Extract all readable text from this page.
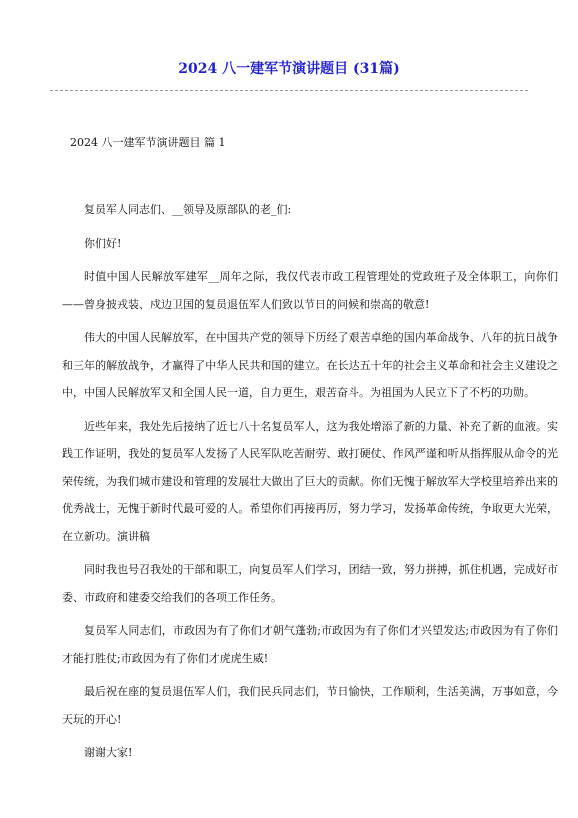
2024 八一建军节演讲题目 (31篇)
2024 八一建军节演讲题目 篇 1

复员军人同志们、__领导及原部队的老_们:

你们好!

时值中国人民解放军建军__周年之际，我仅代表市政工程管理处的党政班子及全体职工，向你们——曾身披戎装、戍边卫国的复员退伍军人们致以节日的问候和崇高的敬意!

伟大的中国人民解放军，在中国共产党的领导下历经了艰苦卓绝的国内革命战争、八年的抗日战争和三年的解放战争，才赢得了中华人民共和国的建立。在长达五十年的社会主义革命和社会主义建设之中，中国人民解放军又和全国人民一道，自力更生，艰苦奋斗。为祖国为人民立下了不朽的功勋。

近些年来，我处先后接纳了近七八十名复员军人，这为我处增添了新的力量、补充了新的血液。实践工作证明，我处的复员军人发扬了人民军队吃苦耐劳、敢打硬仗、作风严谨和听从指挥服从命令的光荣传统，为我们城市建设和管理的发展壮大做出了巨大的贡献。你们无愧于解放军大学校里培养出来的优秀战士，无愧于新时代最可爱的人。希望你们再接再厉，努力学习，发扬革命传统，争取更大光荣，在立新功。演讲稿

同时我也号召我处的干部和职工，向复员军人们学习，团结一致，努力拼搏，抓住机遇，完成好市委、市政府和建委交给我们的各项工作任务。

复员军人同志们，市政因为有了你们才朝气蓬勃;市政因为有了你们才兴望发达;市政因为有了你们才能打胜仗;市政因为有了你们才虎虎生威!

最后祝在座的复员退伍军人们，我们民兵同志们，节日愉快，工作顺利，生活美满，万事如意，今天玩的开心!

谢谢大家!
